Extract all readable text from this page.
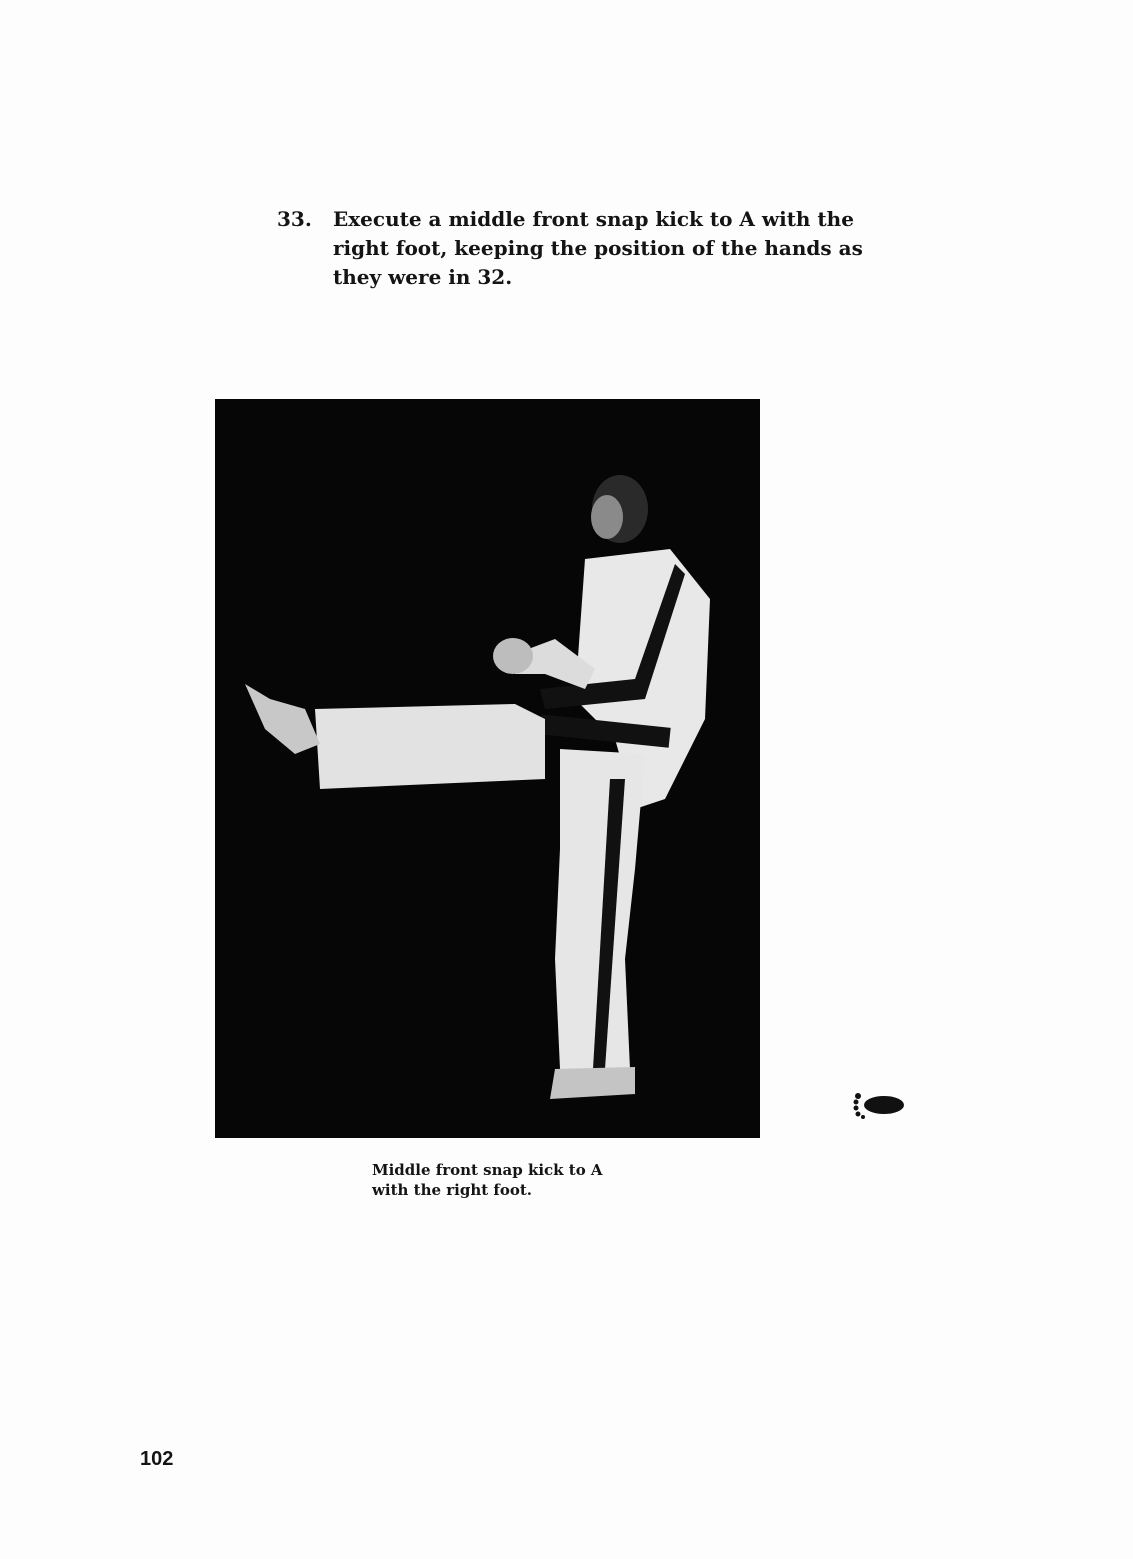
33. Execute a middle front snap kick to A with the right foot, keeping the position of the hands as they were in 32.
Middle front snap kick to A
with the right foot.
102
